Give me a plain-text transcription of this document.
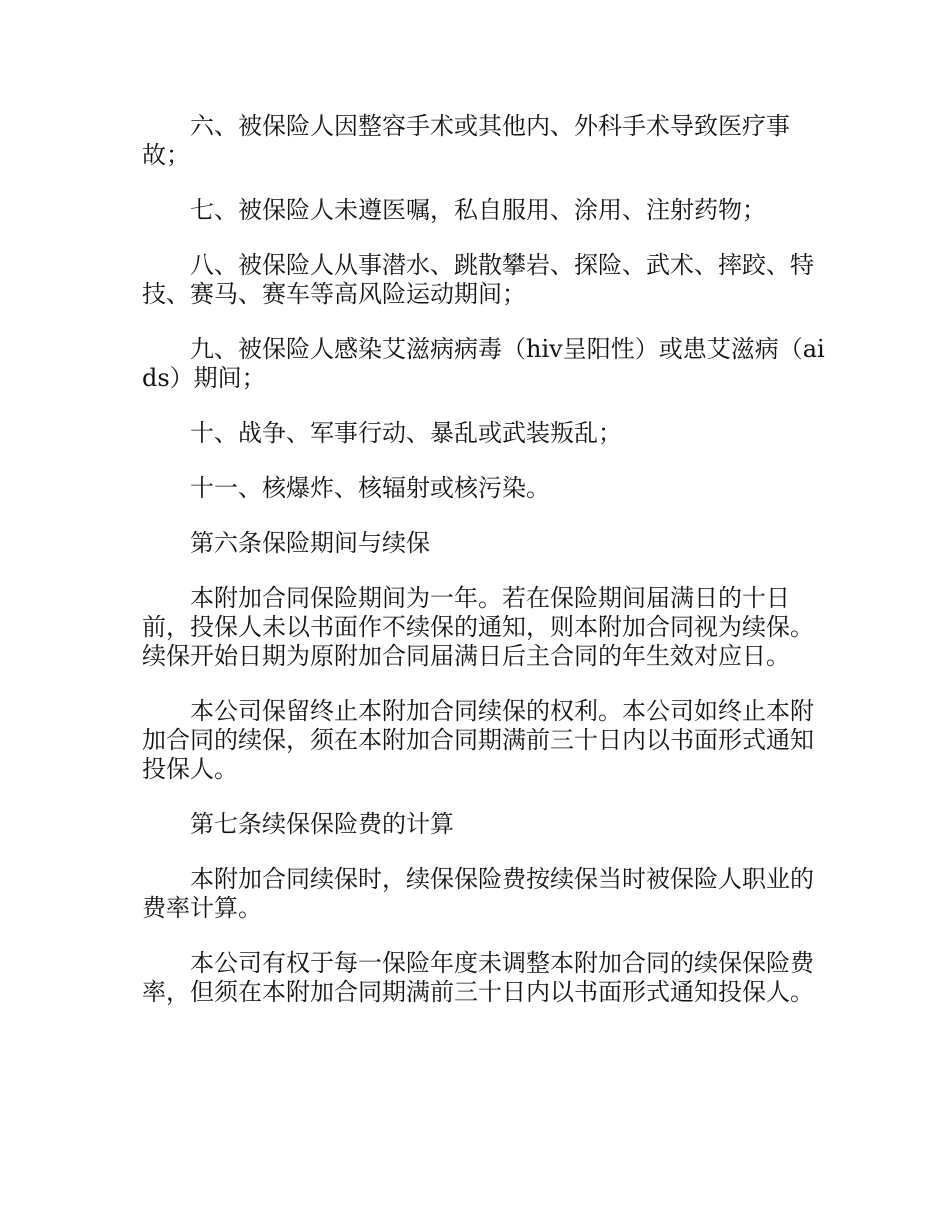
六、被保险人因整容手术或其他内、外科手术导致医疗事故；

七、被保险人未遵医嘱，私自服用、涂用、注射药物；

八、被保险人从事潜水、跳散攀岩、探险、武术、摔跤、特技、赛马、赛车等高风险运动期间；

九、被保险人感染艾滋病病毒（hiv呈阳性）或患艾滋病（aids）期间；

十、战争、军事行动、暴乱或武装叛乱；

十一、核爆炸、核辐射或核污染。

第六条保险期间与续保

本附加合同保险期间为一年。若在保险期间届满日的十日前，投保人未以书面作不续保的通知，则本附加合同视为续保。续保开始日期为原附加合同届满日后主合同的年生效对应日。

本公司保留终止本附加合同续保的权利。本公司如终止本附加合同的续保，须在本附加合同期满前三十日内以书面形式通知投保人。

第七条续保保险费的计算

本附加合同续保时，续保保险费按续保当时被保险人职业的费率计算。

本公司有权于每一保险年度未调整本附加合同的续保保险费率，但须在本附加合同期满前三十日内以书面形式通知投保人。
